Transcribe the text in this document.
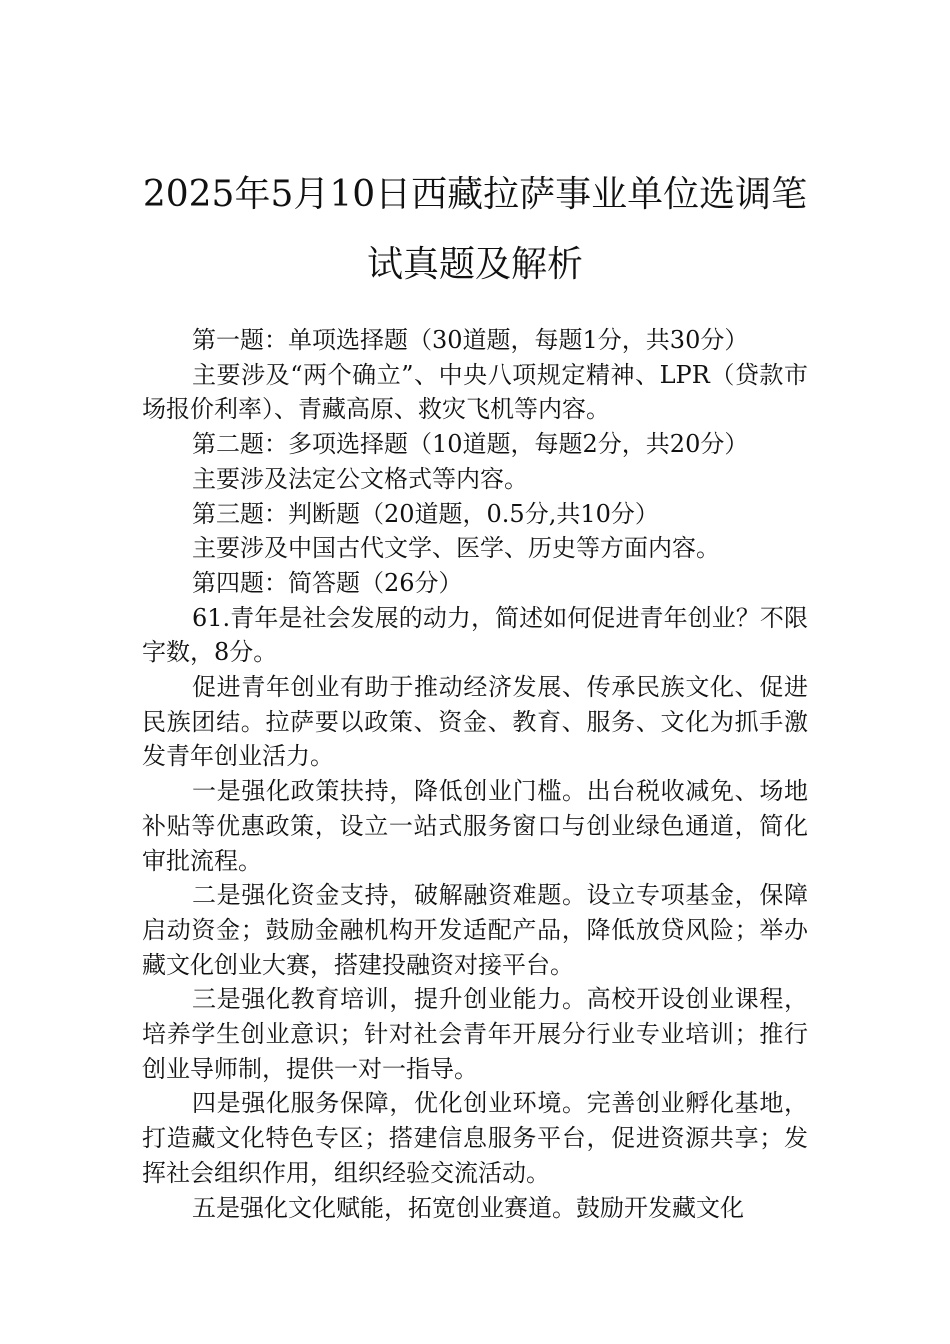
2025年5月10日西藏拉萨事业单位选调笔
试真题及解析

第一题：单项选择题（30道题，每题1分，共30分）

主要涉及“两个确立”、中央八项规定精神、LPR（贷款市场报价利率）、青藏高原、救灾飞机等内容。

第二题：多项选择题（10道题，每题2分，共20分）

主要涉及法定公文格式等内容。

第三题：判断题（20道题，0.5分,共10分）

主要涉及中国古代文学、医学、历史等方面内容。

第四题：简答题（26分）

61.青年是社会发展的动力，简述如何促进青年创业？不限字数，8分。

促进青年创业有助于推动经济发展、传承民族文化、促进民族团结。拉萨要以政策、资金、教育、服务、文化为抓手激发青年创业活力。

一是强化政策扶持，降低创业门槛。出台税收减免、场地补贴等优惠政策，设立一站式服务窗口与创业绿色通道，简化审批流程。

二是强化资金支持，破解融资难题。设立专项基金，保障启动资金；鼓励金融机构开发适配产品，降低放贷风险；举办藏文化创业大赛，搭建投融资对接平台。

三是强化教育培训，提升创业能力。高校开设创业课程，培养学生创业意识；针对社会青年开展分行业专业培训；推行创业导师制，提供一对一指导。

四是强化服务保障，优化创业环境。完善创业孵化基地，打造藏文化特色专区；搭建信息服务平台，促进资源共享；发挥社会组织作用，组织经验交流活动。

五是强化文化赋能，拓宽创业赛道。鼓励开发藏文化
